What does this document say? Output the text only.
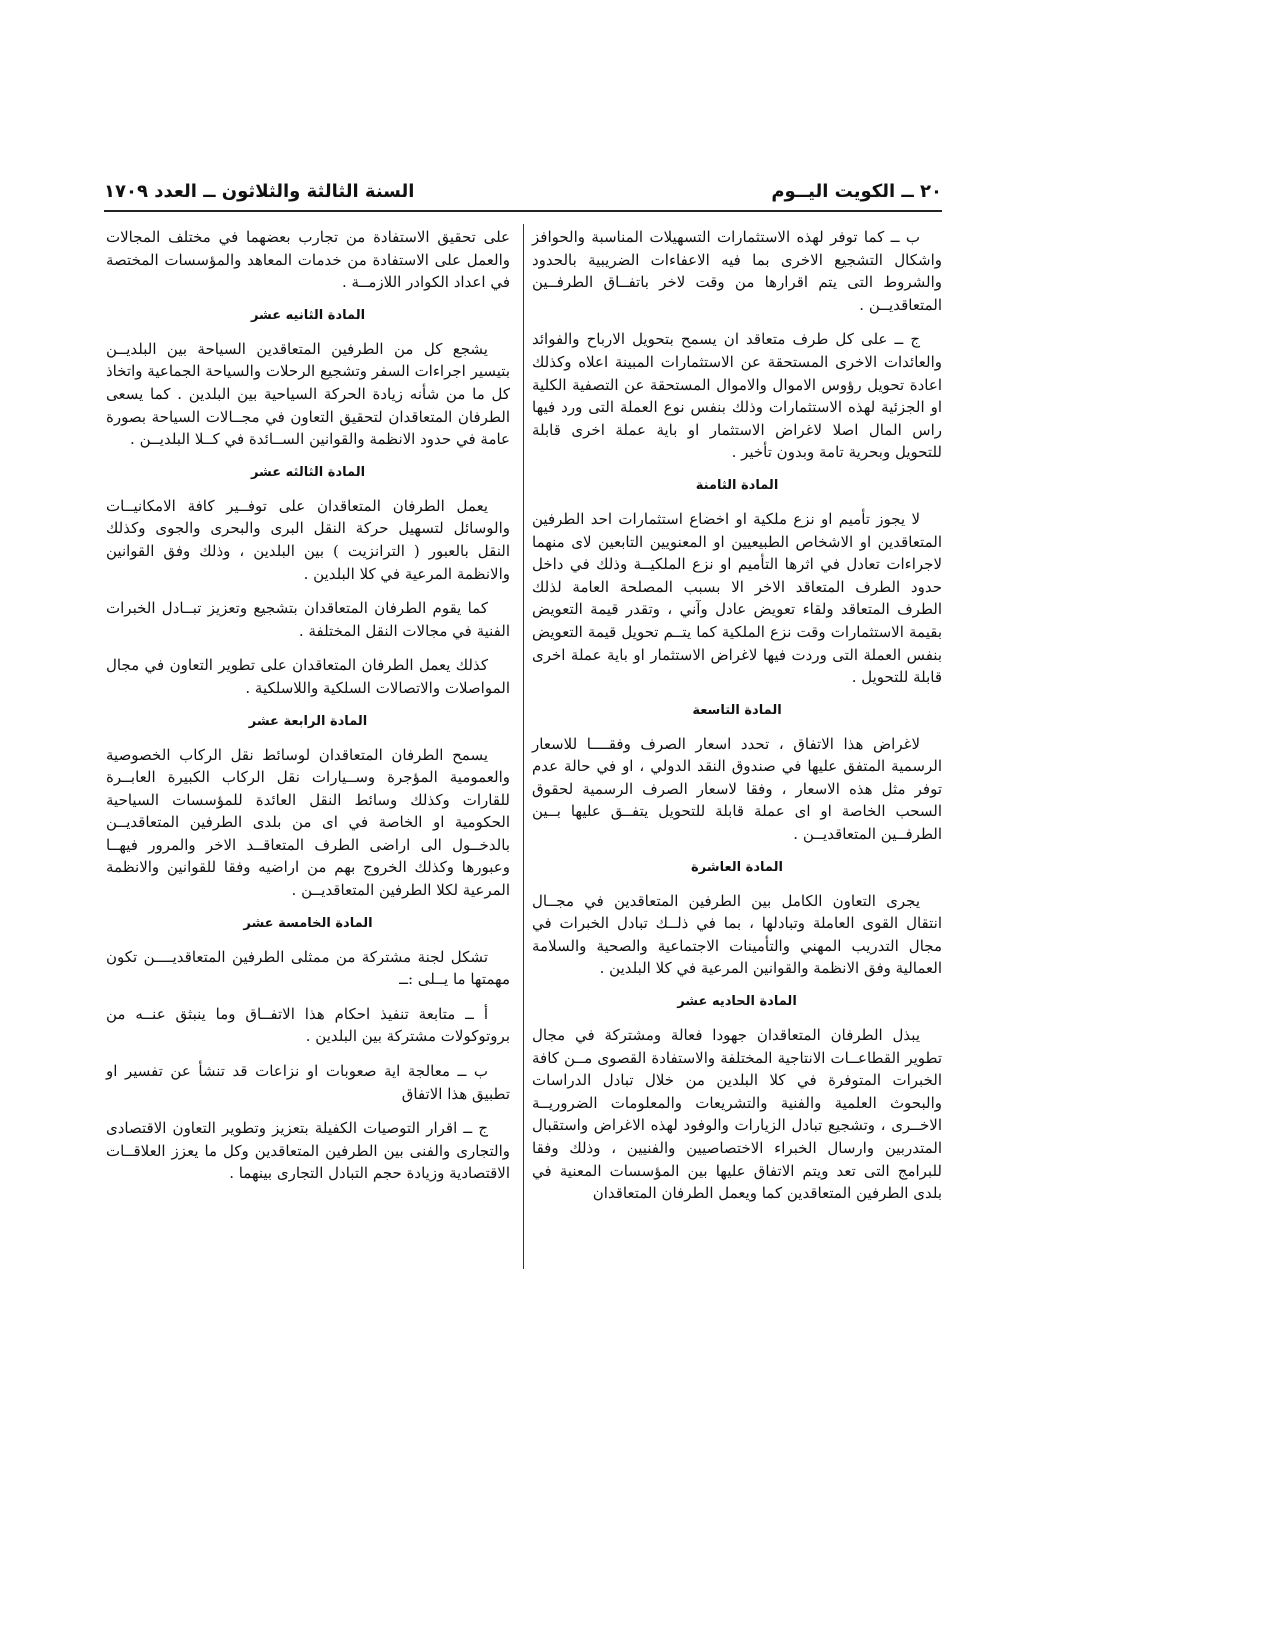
٢٠ ــ الكويت اليــوم
السنة الثالثة والثلاثون ــ العدد ١٧٠٩
ب ــ كما توفر لهذه الاستثمارات التسهيلات المناسبة والحوافز واشكال التشجيع الاخرى بما فيه الاعفاءات الضريبية بالحدود والشروط التى يتم اقرارها من وقت لاخر باتفــاق الطرفــين المتعاقديــن .
ج ــ على كل طرف متعاقد ان يسمح بتحويل الارباح والفوائد والعائدات الاخرى المستحقة عن الاستثمارات المبينة اعلاه وكذلك اعادة تحويل رؤوس الاموال والاموال المستحقة عن التصفية الكلية او الجزئية لهذه الاستثمارات وذلك بنفس نوع العملة التى ورد فيها راس المال اصلا لاغراض الاستثمار او باية عملة اخرى قابلة للتحويل وبحرية تامة وبدون تأخير .
المادة الثامنة
لا يجوز تأميم او نزع ملكية او اخضاع استثمارات احد الطرفين المتعاقدين او الاشخاص الطبيعيين او المعنويين التابعين لاى منهما لاجراءات تعادل في اثرها التأميم او نزع الملكيــة وذلك في داخل حدود الطرف المتعاقد الاخر الا بسبب المصلحة العامة لذلك الطرف المتعاقد ولقاء تعويض عادل وآني ، وتقدر قيمة التعويض بقيمة الاستثمارات وقت نزع الملكية كما يتــم تحويل قيمة التعويض بنفس العملة التى وردت فيها لاغراض الاستثمار او باية عملة اخرى قابلة للتحويل .
المادة التاسعة
لاغراض هذا الاتفاق ، تحدد اسعار الصرف وفقــــا للاسعار الرسمية المتفق عليها في صندوق النقد الدولي ، او في حالة عدم توفر مثل هذه الاسعار ، وفقا لاسعار الصرف الرسمية لحقوق السحب الخاصة او اى عملة قابلة للتحويل يتفــق عليها بــين الطرفــين المتعاقديــن .
المادة العاشرة
يجرى التعاون الكامل بين الطرفين المتعاقدين في مجــال انتقال القوى العاملة وتبادلها ، بما في ذلــك تبادل الخبرات في مجال التدريب المهني والتأمينات الاجتماعية والصحية والسلامة العمالية وفق الانظمة والقوانين المرعية في كلا البلدين .
المادة الحاديه عشر
يبذل الطرفان المتعاقدان جهودا فعالة ومشتركة في مجال تطوير القطاعــات الانتاجية المختلفة والاستفادة القصوى مــن كافة الخبرات المتوفرة في كلا البلدين من خلال تبادل الدراسات والبحوث العلمية والفنية والتشريعات والمعلومات الضروريــة الاخــرى ، وتشجيع تبادل الزيارات والوفود لهذه الاغراض واستقبال المتدربين وارسال الخبراء الاختصاصيين والفنيين ، وذلك وفقا للبرامج التى تعد ويتم الاتفاق عليها بين المؤسسات المعنية في بلدى الطرفين المتعاقدين كما ويعمل الطرفان المتعاقدان
على تحقيق الاستفادة من تجارب بعضهما في مختلف المجالات والعمل على الاستفادة من خدمات المعاهد والمؤسسات المختصة في اعداد الكوادر اللازمــة .
المادة الثانيه عشر
يشجع كل من الطرفين المتعاقدين السياحة بين البلديــن بتيسير اجراءات السفر وتشجيع الرحلات والسياحة الجماعية واتخاذ كل ما من شأنه زيادة الحركة السياحية بين البلدين . كما يسعى الطرفان المتعاقدان لتحقيق التعاون في مجــالات السياحة بصورة عامة في حدود الانظمة والقوانين الســائدة في كــلا البلديــن .
المادة الثالثه عشر
يعمل الطرفان المتعاقدان على توفــير كافة الامكانيــات والوسائل لتسهيل حركة النقل البرى والبحرى والجوى وكذلك النقل بالعبور ( الترانزيت ) بين البلدين ، وذلك وفق القوانين والانظمة المرعية في كلا البلدين .
كما يقوم الطرفان المتعاقدان بتشجيع وتعزيز تبــادل الخبرات الفنية في مجالات النقل المختلفة .
كذلك يعمل الطرفان المتعاقدان على تطوير التعاون في مجال المواصلات والاتصالات السلكية واللاسلكية .
المادة الرابعة عشر
يسمح الطرفان المتعاقدان لوسائط نقل الركاب الخصوصية والعمومية المؤجرة وســيارات نقل الركاب الكبيرة العابــرة للقارات وكذلك وسائط النقل العائدة للمؤسسات السياحية الحكومية او الخاصة في اى من بلدى الطرفين المتعاقديــن بالدخــول الى اراضى الطرف المتعاقــد الاخر والمرور فيهــا وعبورها وكذلك الخروج بهم من اراضيه وفقا للقوانين والانظمة المرعية لكلا الطرفين المتعاقديــن .
المادة الخامسة عشر
تشكل لجنة مشتركة من ممثلى الطرفين المتعاقديــــن تكون مهمتها ما يــلى :ــ
أ ــ متابعة تنفيذ احكام هذا الاتفــاق وما ينبثق عنــه من بروتوكولات مشتركة بين البلدين .
ب ــ معالجة اية صعوبات او نزاعات قد تنشأ عن تفسير او تطبيق هذا الاتفاق
ج ــ اقرار التوصيات الكفيلة بتعزيز وتطوير التعاون الاقتصادى والتجارى والفنى بين الطرفين المتعاقدين وكل ما يعزز العلاقــات الاقتصادية وزيادة حجم التبادل التجارى بينهما .
